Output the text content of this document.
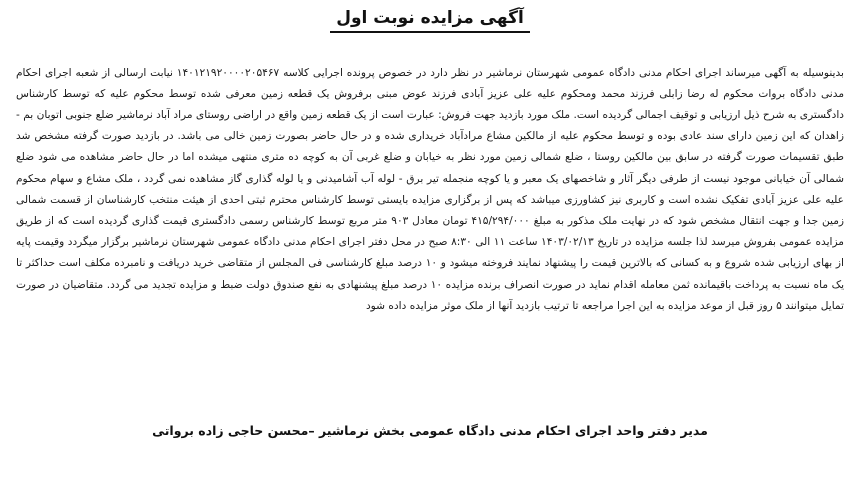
آگهی مزایده نوبت اول

بدینوسیله به آگهی میرساند اجرای احکام مدنی دادگاه عمومی شهرستان نرماشیر در نظر دارد در خصوص پرونده اجرایی کلاسه ۱۴۰۱۲۱۹۲۰۰۰۰۲۰۵۴۶۷ نیابت ارسالی از شعبه اجرای احکام مدنی دادگاه بروات محکوم له رضا زابلی فرزند محمد ومحکوم علیه علی عزیز آبادی فرزند عوض مبنی برفروش یک قطعه زمین معرفی شده توسط محکوم علیه که توسط کارشناس دادگستری به شرح ذیل ارزیابی و توقیف اجمالی گردیده است. ملک مورد بازدید جهت فروش: عبارت است از یک قطعه زمین واقع در اراضی روستای مراد آباد نرماشیر ضلع جنوبی اتوبان بم - زاهدان که این زمین دارای سند عادی بوده و توسط محکوم علیه از مالکین مشاع مرادآباد خریداری شده و در حال حاضر بصورت زمین خالی می باشد. در بازدید صورت گرفته مشخص شد طبق تقسیمات صورت گرفته در سابق بین مالکین روستا ، ضلع شمالی زمین مورد نظر به خیابان و ضلع غربی آن به کوچه ده متری منتهی میشده اما در حال حاضر مشاهده می شود ضلع شمالی آن خیابانی موجود نیست از طرفی دیگر آثار و شاخصهای یک معبر و یا کوچه منجمله تیر برق - لوله آب آشامیدنی و یا لوله گذاری گاز مشاهده نمی گردد ، ملک مشاع و سهام محکوم علیه علی عزیز آبادی تفکیک نشده است و کاربری نیز کشاورزی میباشد که پس از برگزاری مزایده بایستی توسط کارشناس محترم ثبتی احدی از هیئت منتخب کارشناسان از قسمت شمالی زمین جدا و جهت انتقال مشخص شود که در نهایت ملک مذکور به مبلغ ۴۱۵/۲۹۴/۰۰۰ تومان معادل ۹۰۳ متر مربع توسط کارشناس رسمی دادگستری قیمت گذاری گردیده است که از طریق مزایده عمومی بفروش میرسد لذا جلسه مزایده در تاریخ ۱۴۰۳/۰۲/۱۳ ساعت ۱۱ الی ۸:۳۰ صبح در محل دفتر اجرای احکام مدنی دادگاه عمومی شهرستان نرماشیر برگزار میگردد وقیمت پایه از بهای ارزیابی شده شروع و به کسانی که بالاترین قیمت را پیشنهاد نمایند فروخته میشود و ۱۰ درصد مبلغ کارشناسی فی المجلس از متقاضی خرید دریافت و نامبرده مکلف است حداکثر تا یک ماه نسبت به پرداخت باقیمانده ثمن معامله اقدام نماید در صورت انصراف برنده مزایده ۱۰ درصد مبلغ پیشنهادی به نفع صندوق دولت ضبط و مزایده تجدید می گردد. متقاضیان در صورت تمایل میتوانند ۵ روز قبل از موعد مزایده به این اجرا مراجعه تا ترتیب بازدید آنها از ملک موثر مزایده داده شود

مدیر دفتر واحد اجرای احکام مدنی دادگاه عمومی بخش نرماشیر –محسن حاجی زاده برواتی
